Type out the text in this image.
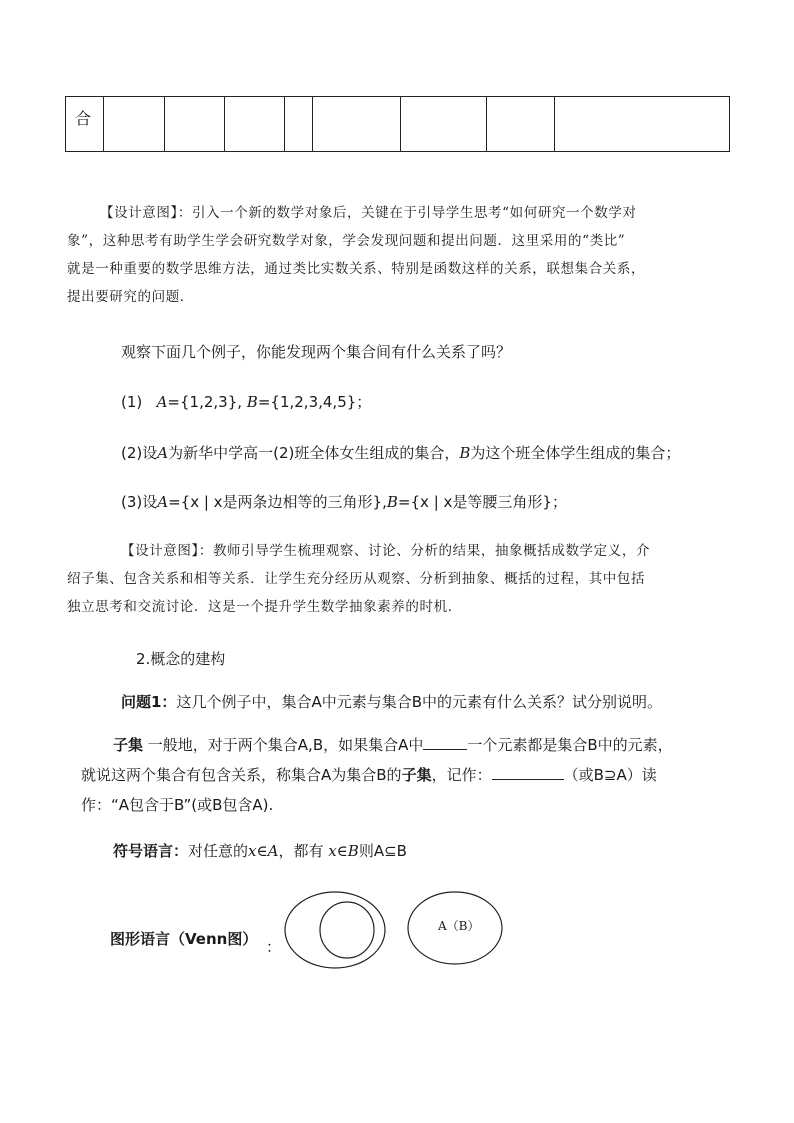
合								
【设计意图】：引入一个新的数学对象后，关键在于引导学生思考“如何研究一个数学对
象”，这种思考有助学生学会研究数学对象，学会发现问题和提出问题．这里采用的“类比”
就是一种重要的数学思维方法，通过类比实数关系、特别是函数这样的关系，联想集合关系，
提出要研究的问题．
观察下面几个例子，你能发现两个集合间有什么关系了吗？
(1) A={1,2,3}, B={1,2,3,4,5}；
(2)设A为新华中学高一(2)班全体女生组成的集合，B为这个班全体学生组成的集合；
(3)设A={x | x是两条边相等的三角形},B={x | x是等腰三角形}；
【设计意图】：教师引导学生梳理观察、讨论、分析的结果，抽象概括成数学定义，介
绍子集、包含关系和相等关系．让学生充分经历从观察、分析到抽象、概括的过程，其中包括
独立思考和交流讨论．这是一个提升学生数学抽象素养的时机．
2.概念的建构
问题1：这几个例子中，集合A中元素与集合B中的元素有什么关系？试分别说明。
子集 一般地，对于两个集合A,B，如果集合A中	一个元素都是集合B中的元素，
就说这两个集合有包含关系，称集合A为集合B的子集，记作：	（或B⊇A）读
作：“A包含于B”(或B包含A).
符号语言：对任意的x∈A，都有 x∈B则A⊆B
图形语言（Venn图） ：
A（B）
